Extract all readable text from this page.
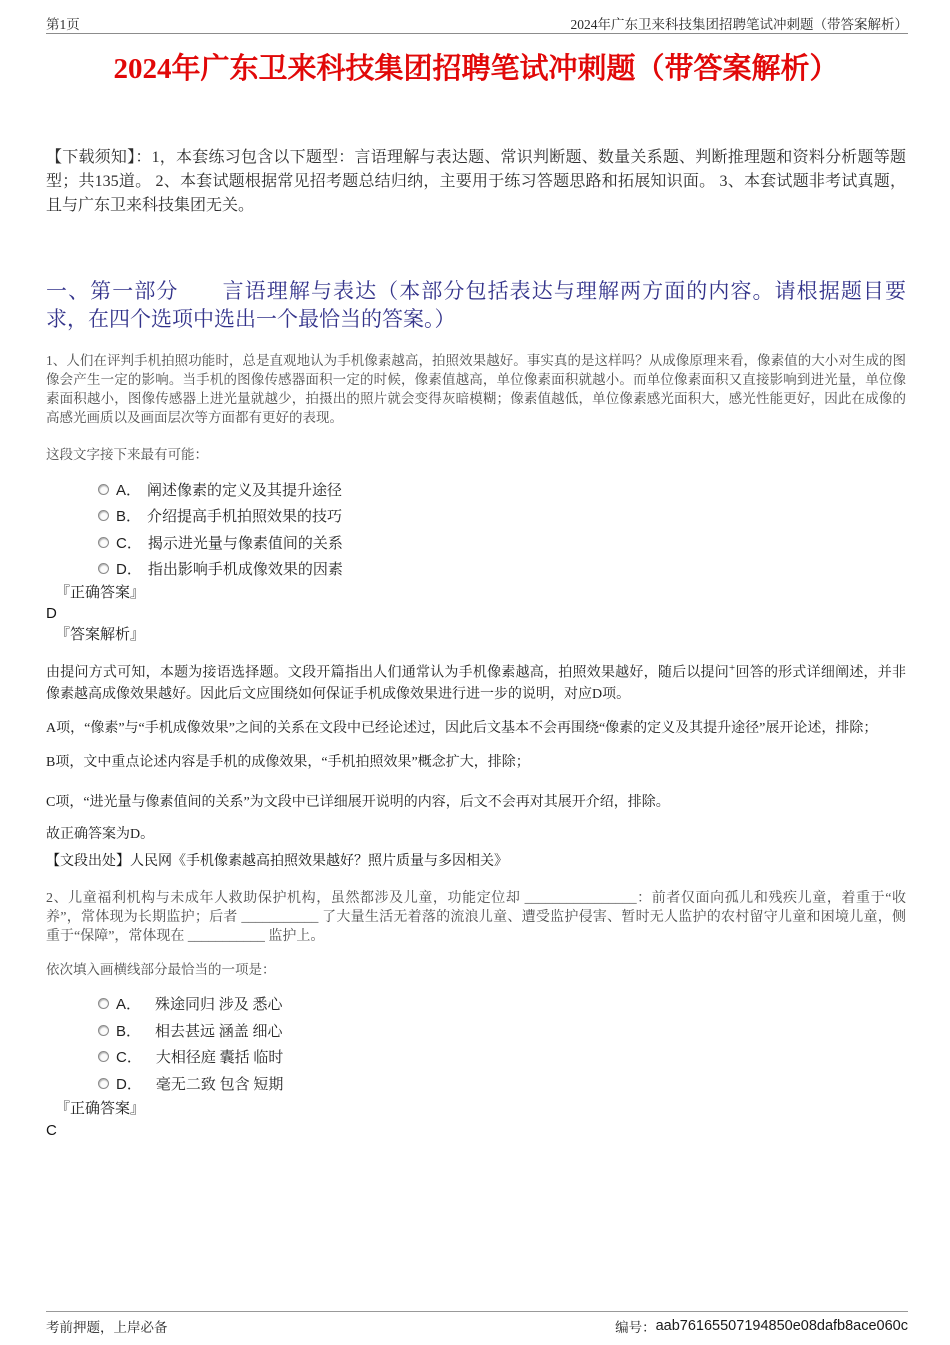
第1页	2024年广东卫来科技集团招聘笔试冲刺题（带答案解析）
2024年广东卫来科技集团招聘笔试冲刺题（带答案解析）

【下载须知】：1，本套练习包含以下题型：言语理解与表达题、常识判断题、数量关系题、判断推理题和资料分析题等题型；共135道。 2、本套试题根据常见招考题总结归纳，主要用于练习答题思路和拓展知识面。 3、本套试题非考试真题，且与广东卫来科技集团无关。

一、第一部分　　言语理解与表达（本部分包括表达与理解两方面的内容。请根据题目要求，在四个选项中选出一个最恰当的答案。）

1、人们在评判手机拍照功能时，总是直观地认为手机像素越高，拍照效果越好。事实真的是这样吗？从成像原理来看，像素值的大小对生成的图像会产生一定的影响。当手机的图像传感器面积一定的时候，像素值越高，单位像素面积就越小。而单位像素面积又直接影响到进光量，单位像素面积越小，图像传感器上进光量就越少，拍摄出的照片就会变得灰暗模糊；像素值越低，单位像素感光面积大，感光性能更好，因此在成像的高感光画质以及画面层次等方面都有更好的表现。

这段文字接下来最有可能：

A． 阐述像素的定义及其提升途径
B． 介绍提高手机拍照效果的技巧
C． 揭示进光量与像素值间的关系
D． 指出影响手机成像效果的因素

『正确答案』

D

『答案解析』

由提问方式可知，本题为接语选择题。文段开篇指出人们通常认为手机像素越高，拍照效果越好，随后以提问+回答的形式详细阐述，并非像素越高成像效果越好。因此后文应围绕如何保证手机成像效果进行进一步的说明，对应D项。

A项，“像素”与“手机成像效果”之间的关系在文段中已经论述过，因此后文基本不会再围绕“像素的定义及其提升途径”展开论述，排除；

B项，文中重点论述内容是手机的成像效果，“手机拍照效果”概念扩大，排除；

C项，“进光量与像素值间的关系”为文段中已详细展开说明的内容，后文不会再对其展开介绍，排除。

故正确答案为D。

【文段出处】人民网《手机像素越高拍照效果越好？照片质量与多因相关》

2、儿童福利机构与未成年人救助保护机构，虽然都涉及儿童，功能定位却 ________________：前者仅面向孤儿和残疾儿童，着重于“收养”，常体现为长期监护；后者 ___________ 了大量生活无着落的流浪儿童、遭受监护侵害、暂时无人监护的农村留守儿童和困境儿童，侧重于“保障”，常体现在 ___________ 监护上。

依次填入画横线部分最恰当的一项是：

A． 殊途同归 涉及 悉心
B． 相去甚远 涵盖 细心
C． 大相径庭 囊括 临时
D． 毫无二致 包含 短期

『正确答案』

C

考前押题，上岸必备	编号： aab76165507194850e08dafb8ace060c
